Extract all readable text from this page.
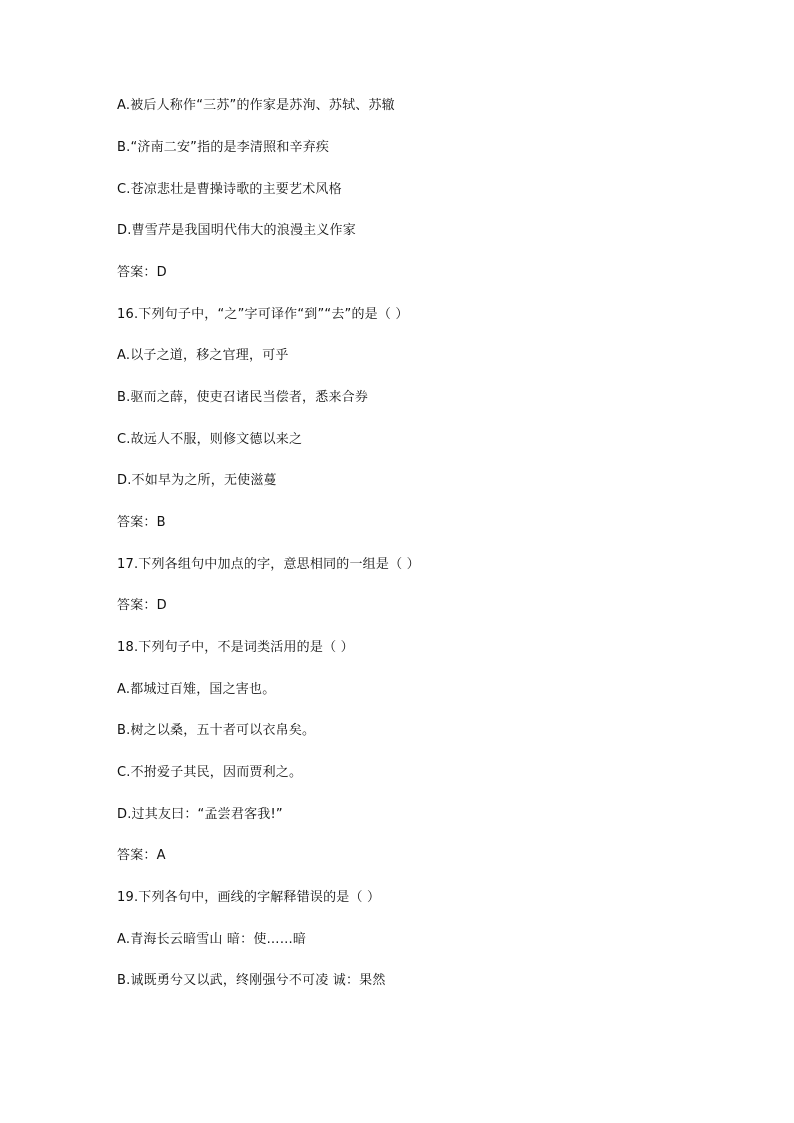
A.被后人称作“三苏”的作家是苏洵、苏轼、苏辙
B.“济南二安”指的是李清照和辛弃疾
C.苍凉悲壮是曹操诗歌的主要艺术风格
D.曹雪芹是我国明代伟大的浪漫主义作家
答案：D
16.下列句子中，“之”字可译作“到”“去”的是（ ）
A.以子之道，移之官理，可乎
B.驱而之薛，使吏召诸民当偿者，悉来合券
C.故远人不服，则修文德以来之
D.不如早为之所，无使滋蔓
答案：B
17.下列各组句中加点的字，意思相同的一组是（ ）
答案：D
18.下列句子中，不是词类活用的是（ ）
A.都城过百雉，国之害也。
B.树之以桑，五十者可以衣帛矣。
C.不拊爱子其民，因而贾利之。
D.过其友曰：“孟尝君客我!”
答案：A
19.下列各句中，画线的字解释错误的是（ ）
A.青海长云暗雪山 暗：使……暗
B.诚既勇兮又以武，终刚强兮不可凌 诚：果然
